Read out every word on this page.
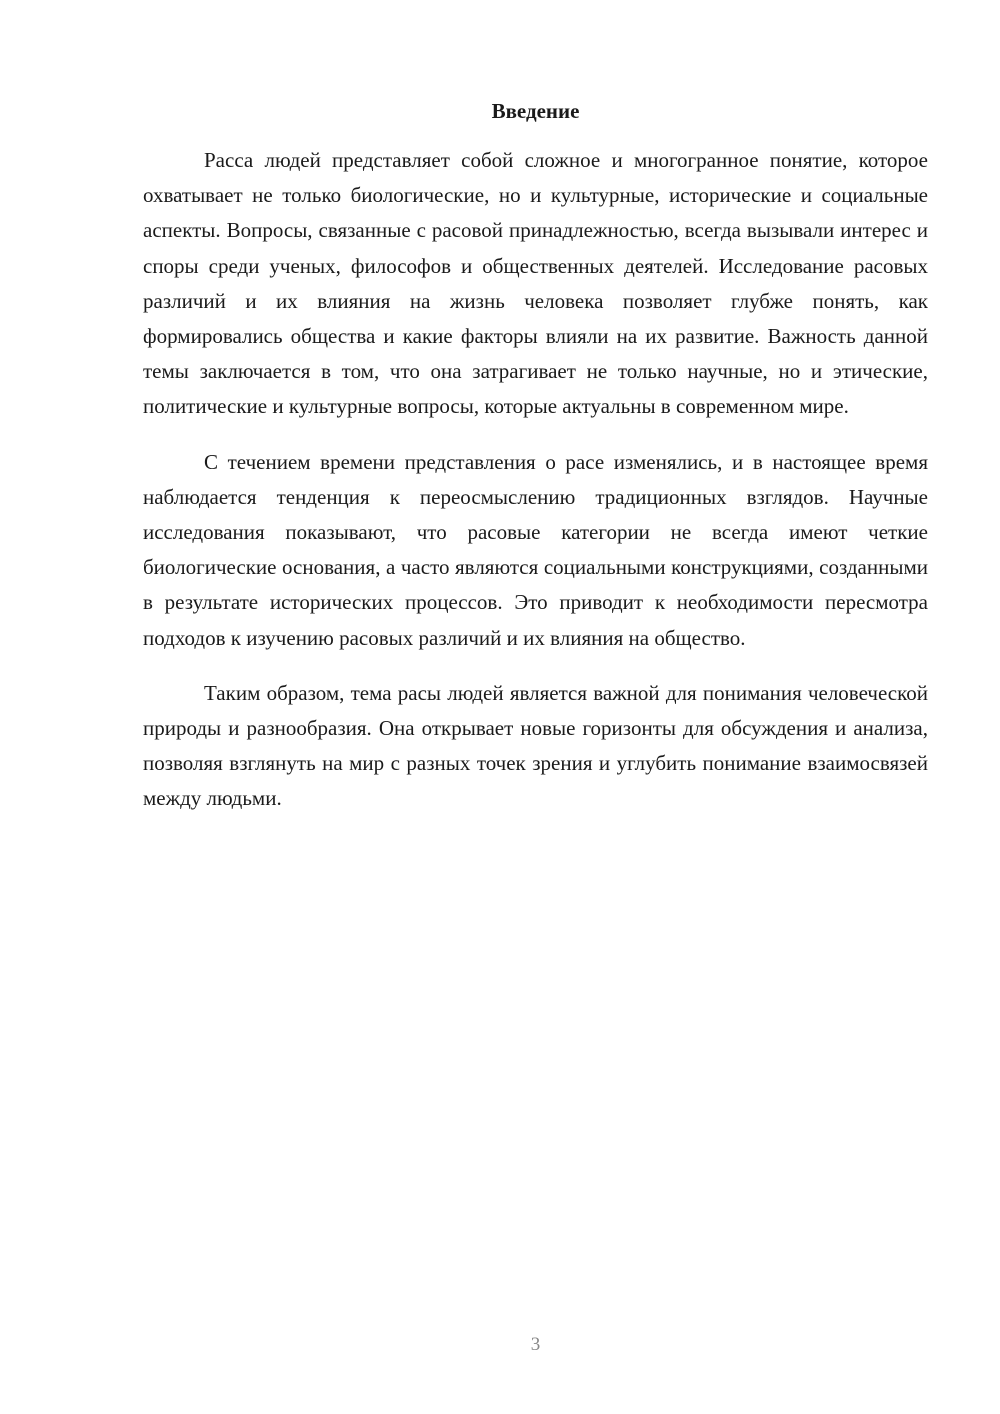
Введение

Расса людей представляет собой сложное и многогранное понятие, которое охватывает не только биологические, но и культурные, исторические и социальные аспекты. Вопросы, связанные с расовой принадлежностью, всегда вызывали интерес и споры среди ученых, философов и общественных деятелей. Исследование расовых различий и их влияния на жизнь человека позволяет глубже понять, как формировались общества и какие факторы влияли на их развитие. Важность данной темы заключается в том, что она затрагивает не только научные, но и этические, политические и культурные вопросы, которые актуальны в современном мире.

С течением времени представления о расе изменялись, и в настоящее время наблюдается тенденция к переосмыслению традиционных взглядов. Научные исследования показывают, что расовые категории не всегда имеют четкие биологические основания, а часто являются социальными конструкциями, созданными в результате исторических процессов. Это приводит к необходимости пересмотра подходов к изучению расовых различий и их влияния на общество.

Таким образом, тема расы людей является важной для понимания человеческой природы и разнообразия. Она открывает новые горизонты для обсуждения и анализа, позволяя взглянуть на мир с разных точек зрения и углубить понимание взаимосвязей между людьми.

3
